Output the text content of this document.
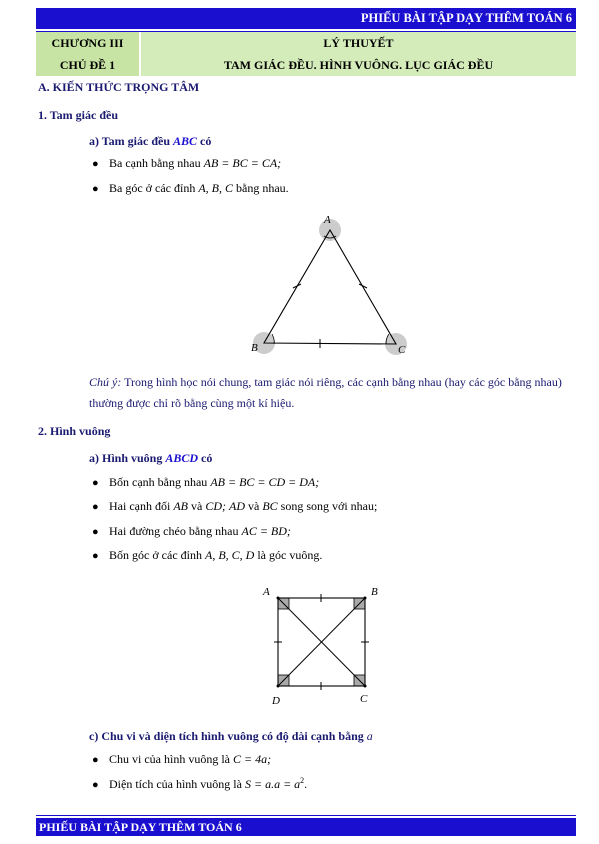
PHIẾU BÀI TẬP DẠY THÊM TOÁN 6
CHƯƠNG III
CHỦ ĐỀ 1
LÝ THUYẾT
TAM GIÁC ĐỀU. HÌNH VUÔNG. LỤC GIÁC ĐỀU
A. KIẾN THỨC TRỌNG TÂM
1. Tam giác đều
a) Tam giác đều ABC có
● Ba cạnh bằng nhau AB = BC = CA;
● Ba góc ở các đỉnh A, B, C bằng nhau.
A
B	C
Chú ý: Trong hình học nói chung, tam giác nói riêng, các cạnh bằng nhau (hay các góc bằng nhau) thường được chỉ rõ bằng cùng một kí hiệu.
2. Hình vuông
a) Hình vuông ABCD có
● Bốn cạnh bằng nhau AB = BC = CD = DA;
● Hai cạnh đối AB và CD; AD và BC song song với nhau;
● Hai đường chéo bằng nhau AC = BD;
● Bốn góc ở các đỉnh A, B, C, D là góc vuông.
A	B
C
D
c) Chu vi và diện tích hình vuông có độ dài cạnh bằng a
● Chu vi của hình vuông là C = 4a;
● Diện tích của hình vuông là $S = a.a = a^2$.
PHIẾU BÀI TẬP DẠY THÊM TOÁN 6
